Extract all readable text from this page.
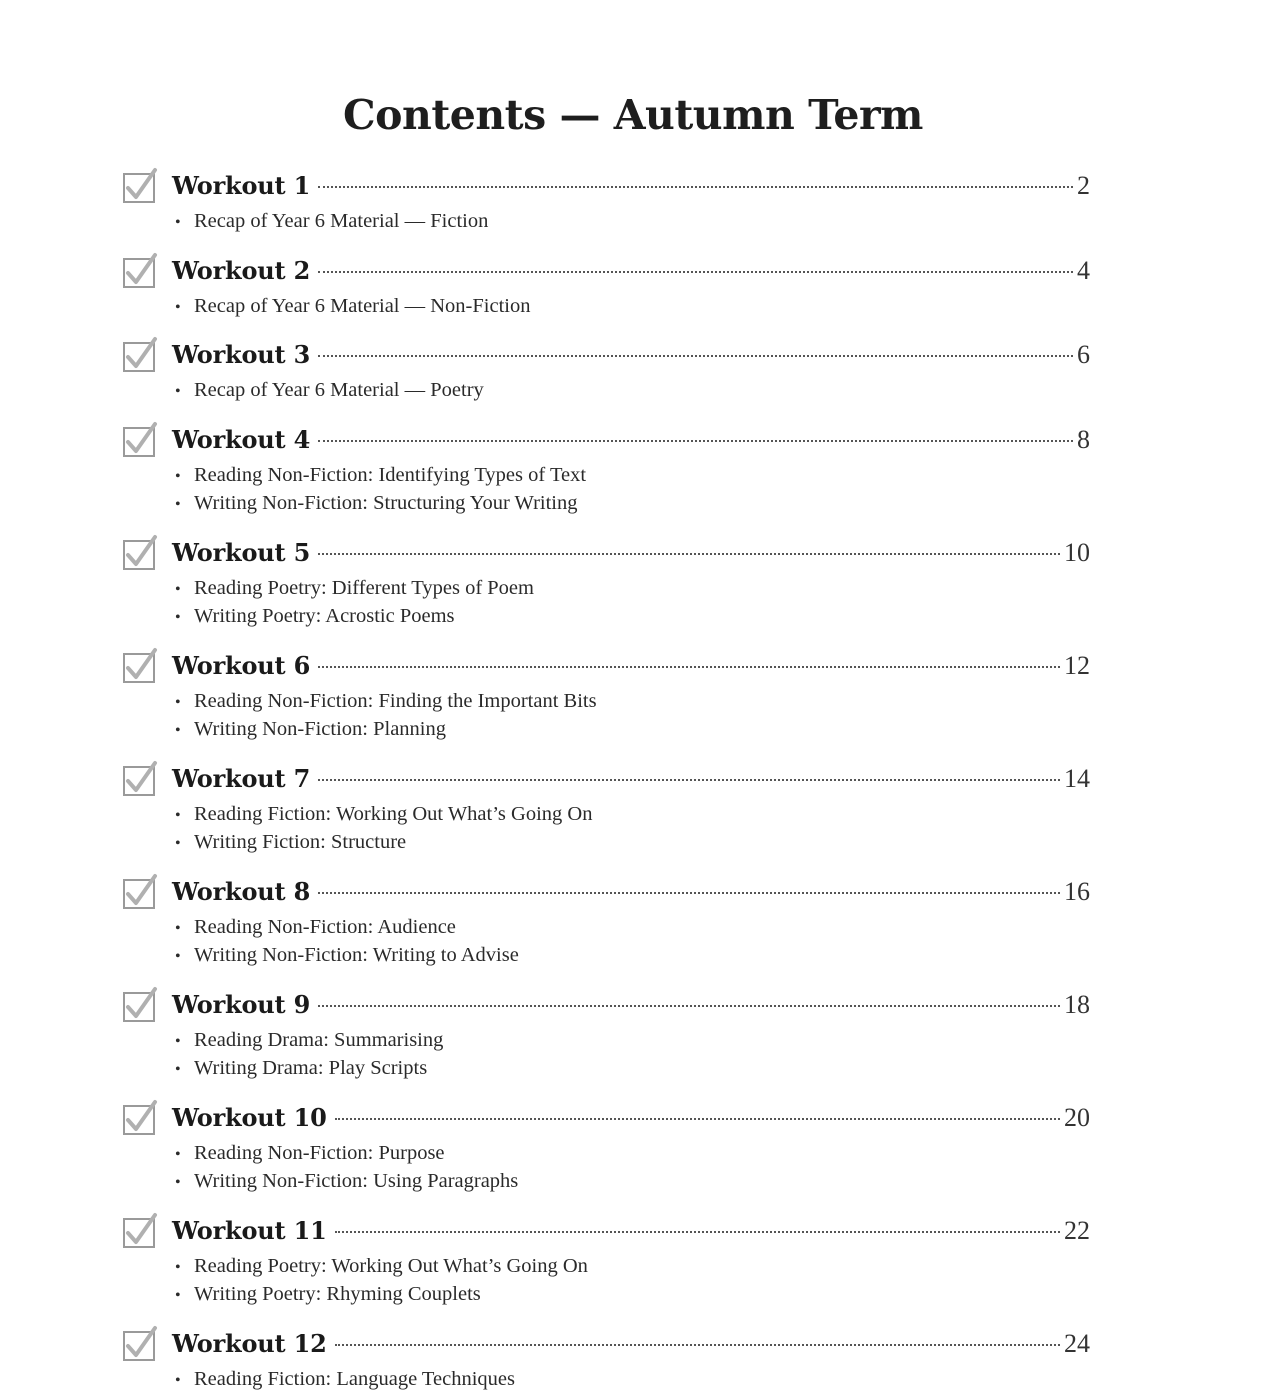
Contents — Autumn Term
Workout 1	2
• Recap of Year 6 Material — Fiction
Workout 2	4
• Recap of Year 6 Material — Non-Fiction
Workout 3	6
• Recap of Year 6 Material — Poetry
Workout 4	8
• Reading Non-Fiction: Identifying Types of Text
• Writing Non-Fiction: Structuring Your Writing
Workout 5	10
• Reading Poetry: Different Types of Poem
• Writing Poetry: Acrostic Poems
Workout 6	12
• Reading Non-Fiction: Finding the Important Bits
• Writing Non-Fiction: Planning
Workout 7	14
• Reading Fiction: Working Out What’s Going On
• Writing Fiction: Structure
Workout 8	16
• Reading Non-Fiction: Audience
• Writing Non-Fiction: Writing to Advise
Workout 9	18
• Reading Drama: Summarising
• Writing Drama: Play Scripts
Workout 10	20
• Reading Non-Fiction: Purpose
• Writing Non-Fiction: Using Paragraphs
Workout 11	22
• Reading Poetry: Working Out What’s Going On
• Writing Poetry: Rhyming Couplets
Workout 12	24
• Reading Fiction: Language Techniques
